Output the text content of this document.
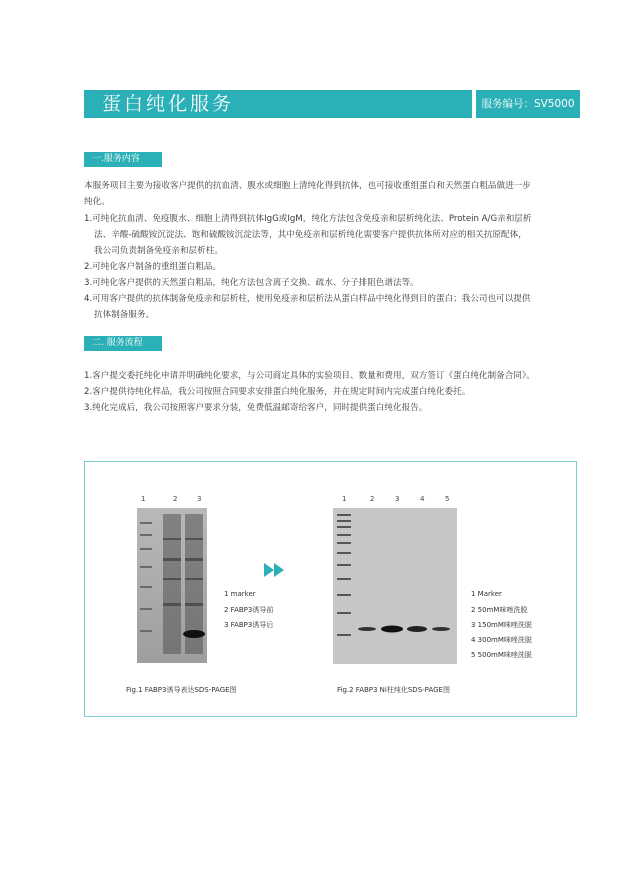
蛋白纯化服务	服务编号：SV5000
一.服务内容
本服务项目主要为接收客户提供的抗血清、腹水或细胞上清纯化得到抗体，也可接收重组蛋白和天然蛋白粗品做进一步
纯化。
1.可纯化抗血清、免疫腹水、细胞上清得到抗体IgG或IgM，纯化方法包含免疫亲和层析纯化法、Protein A/G亲和层析
法、辛酸-硫酸铵沉淀法、饱和硫酸铵沉淀法等，其中免疫亲和层析纯化需要客户提供抗体所对应的相关抗原配体，
我公司负责制备免疫亲和层析柱。
2.可纯化客户制备的重组蛋白粗品。
3.可纯化客户提供的天然蛋白粗品，纯化方法包含离子交换、疏水、分子排阻色谱法等。
4.可用客户提供的抗体制备免疫亲和层析柱，使用免疫亲和层析法从蛋白样品中纯化得到目的蛋白；我公司也可以提供
抗体制备服务。
二. 服务流程
1.客户提交委托纯化申请并明确纯化要求，与公司商定具体的实验项目、数量和费用，双方签订《蛋白纯化制备合同》。
2.客户提供待纯化样品，我公司按照合同要求安排蛋白纯化服务，并在规定时间内完成蛋白纯化委托。
3.纯化完成后，我公司按照客户要求分装，免费低温邮寄给客户，同时提供蛋白纯化报告。
1	2	3
1 marker
2 FABP3诱导前
3 FABP3诱导后
Fig.1 FABP3诱导表达SDS-PAGE图
1	2	3	4	5
1 Marker
2 50mM咪唑洗脱
3 150mM咪唑洗脱
4 300mM咪唑洗脱
5 500mM咪唑洗脱
Fig.2 FABP3 Ni柱纯化SDS-PAGE图
